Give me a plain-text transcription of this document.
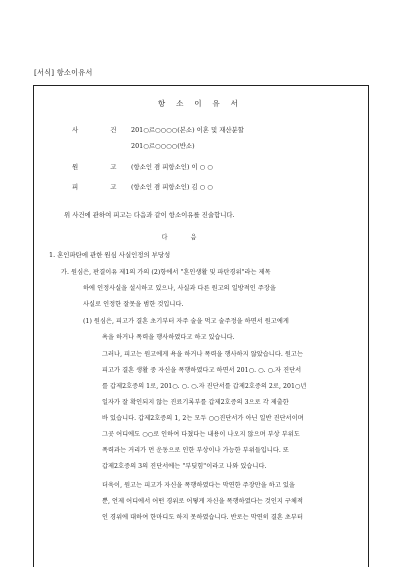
[서식] 항소이유서
항 소 이 유 서
사 건 201○르○○○○(본소) 이혼 및 재산분할
201○르○○○○(반소)
원 고 (항소인 겸 피항소인) 이 ○ ○
피 고 (항소인 겸 피항소인) 김 ○ ○
위 사건에 관하여 피고는 다음과 같이 항소이유를 진술합니다.
다 음
1. 혼인파탄에 관한 원심 사실인정의 부당성
가. 원심은, 판결이유 제1의 가의 (2)항에서 "혼인생활 및 파탄경위"라는 제목
하에 인정사실을 설시하고 있으나, 사실과 다른 원고의 일방적인 주장을
사실로 인정한 잘못을 범한 것입니다.
(1) 원심은, 피고가 결혼 초기부터 자주 술을 먹고 술주정을 하면서 원고에게
욕을 하거나 폭력을 행사하였다고 하고 있습니다.
그러나, 피고는 원고에게 욕을 하거나 폭력을 행사하지 않았습니다. 원고는
피고가 결혼 생활 중 자신을 폭행하였다고 하면서 201○. ○. ○.자 진단서
를 갑제2호증의 1로, 201○. ○. ○.자 진단서를 갑제2호증의 2로, 201○년
일자가 잘 확인되지 않는 진료기록부를 갑제2호증의 3으로 각 제출한
바 있습니다. 갑제2호증의 1, 2는 모두 ○○진단서가 아닌 일반 진단서이며
그곳 어디에도 ○○로 인하여 다쳤다는 내용이 나오지 않으며 부상 부위도
폭력과는 거리가 먼 운동으로 인한 부상이나 가능한 부위들입니다. 또
갑제2호증의 3의 진단서에는 "부딪힘"이라고 나와 있습니다.
더욱이, 원고는 피고가 자신을 폭행하였다는 막연한 주장만을 하고 있을
뿐, 언제 어디에서 어떤 경위로 어떻게 자신을 폭행하였다는 것인지 구체적
인 경위에 대하여 한마디도 하지 못하였습니다. 반로는 막연히 결혼 초부터
